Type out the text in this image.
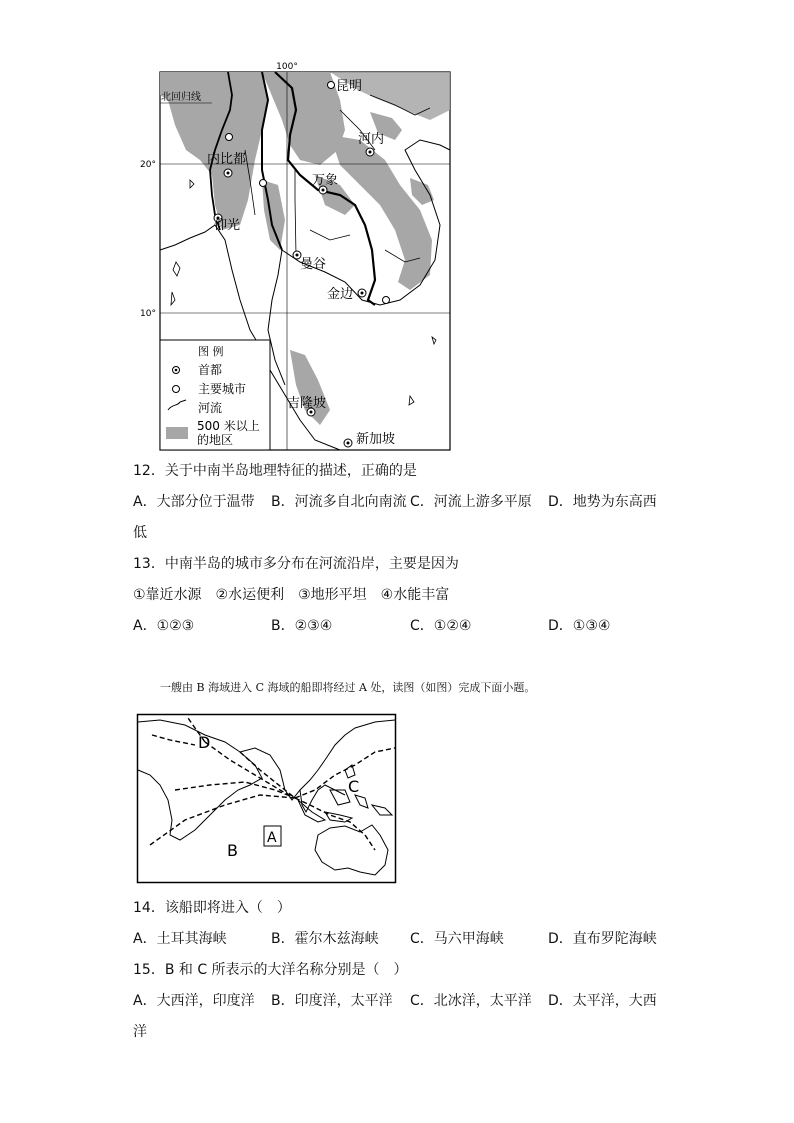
100°
20°
10°
北回归线
昆明
河内
内比都
万象
仰光
曼谷
金边
吉隆坡
新加坡
图 例
首都
主要城市
河流
500 米以上
的地区
12．关于中南半岛地理特征的描述，正确的是
A．大部分位于温带 B．河流多自北向南流 C．河流上游多平原 D．地势为东高西
低
13．中南半岛的城市多分布在河流沿岸，主要是因为
①靠近水源　②水运便利　③地形平坦　④水能丰富
A．①②③	B．②③④	C．①②④	D．①③④
一艘由 B 海域进入 C 海域的船即将经过 A 处，读图（如图）完成下面小题。
A
B
C
D
14．该船即将进入（　）
A．土耳其海峡	B．霍尔木兹海峡 C．马六甲海峡	D．直布罗陀海峡
15．B 和 C 所表示的大洋名称分别是（　）
A．大西洋，印度洋 B．印度洋，太平洋 C．北冰洋，太平洋 D．太平洋，大西
洋
